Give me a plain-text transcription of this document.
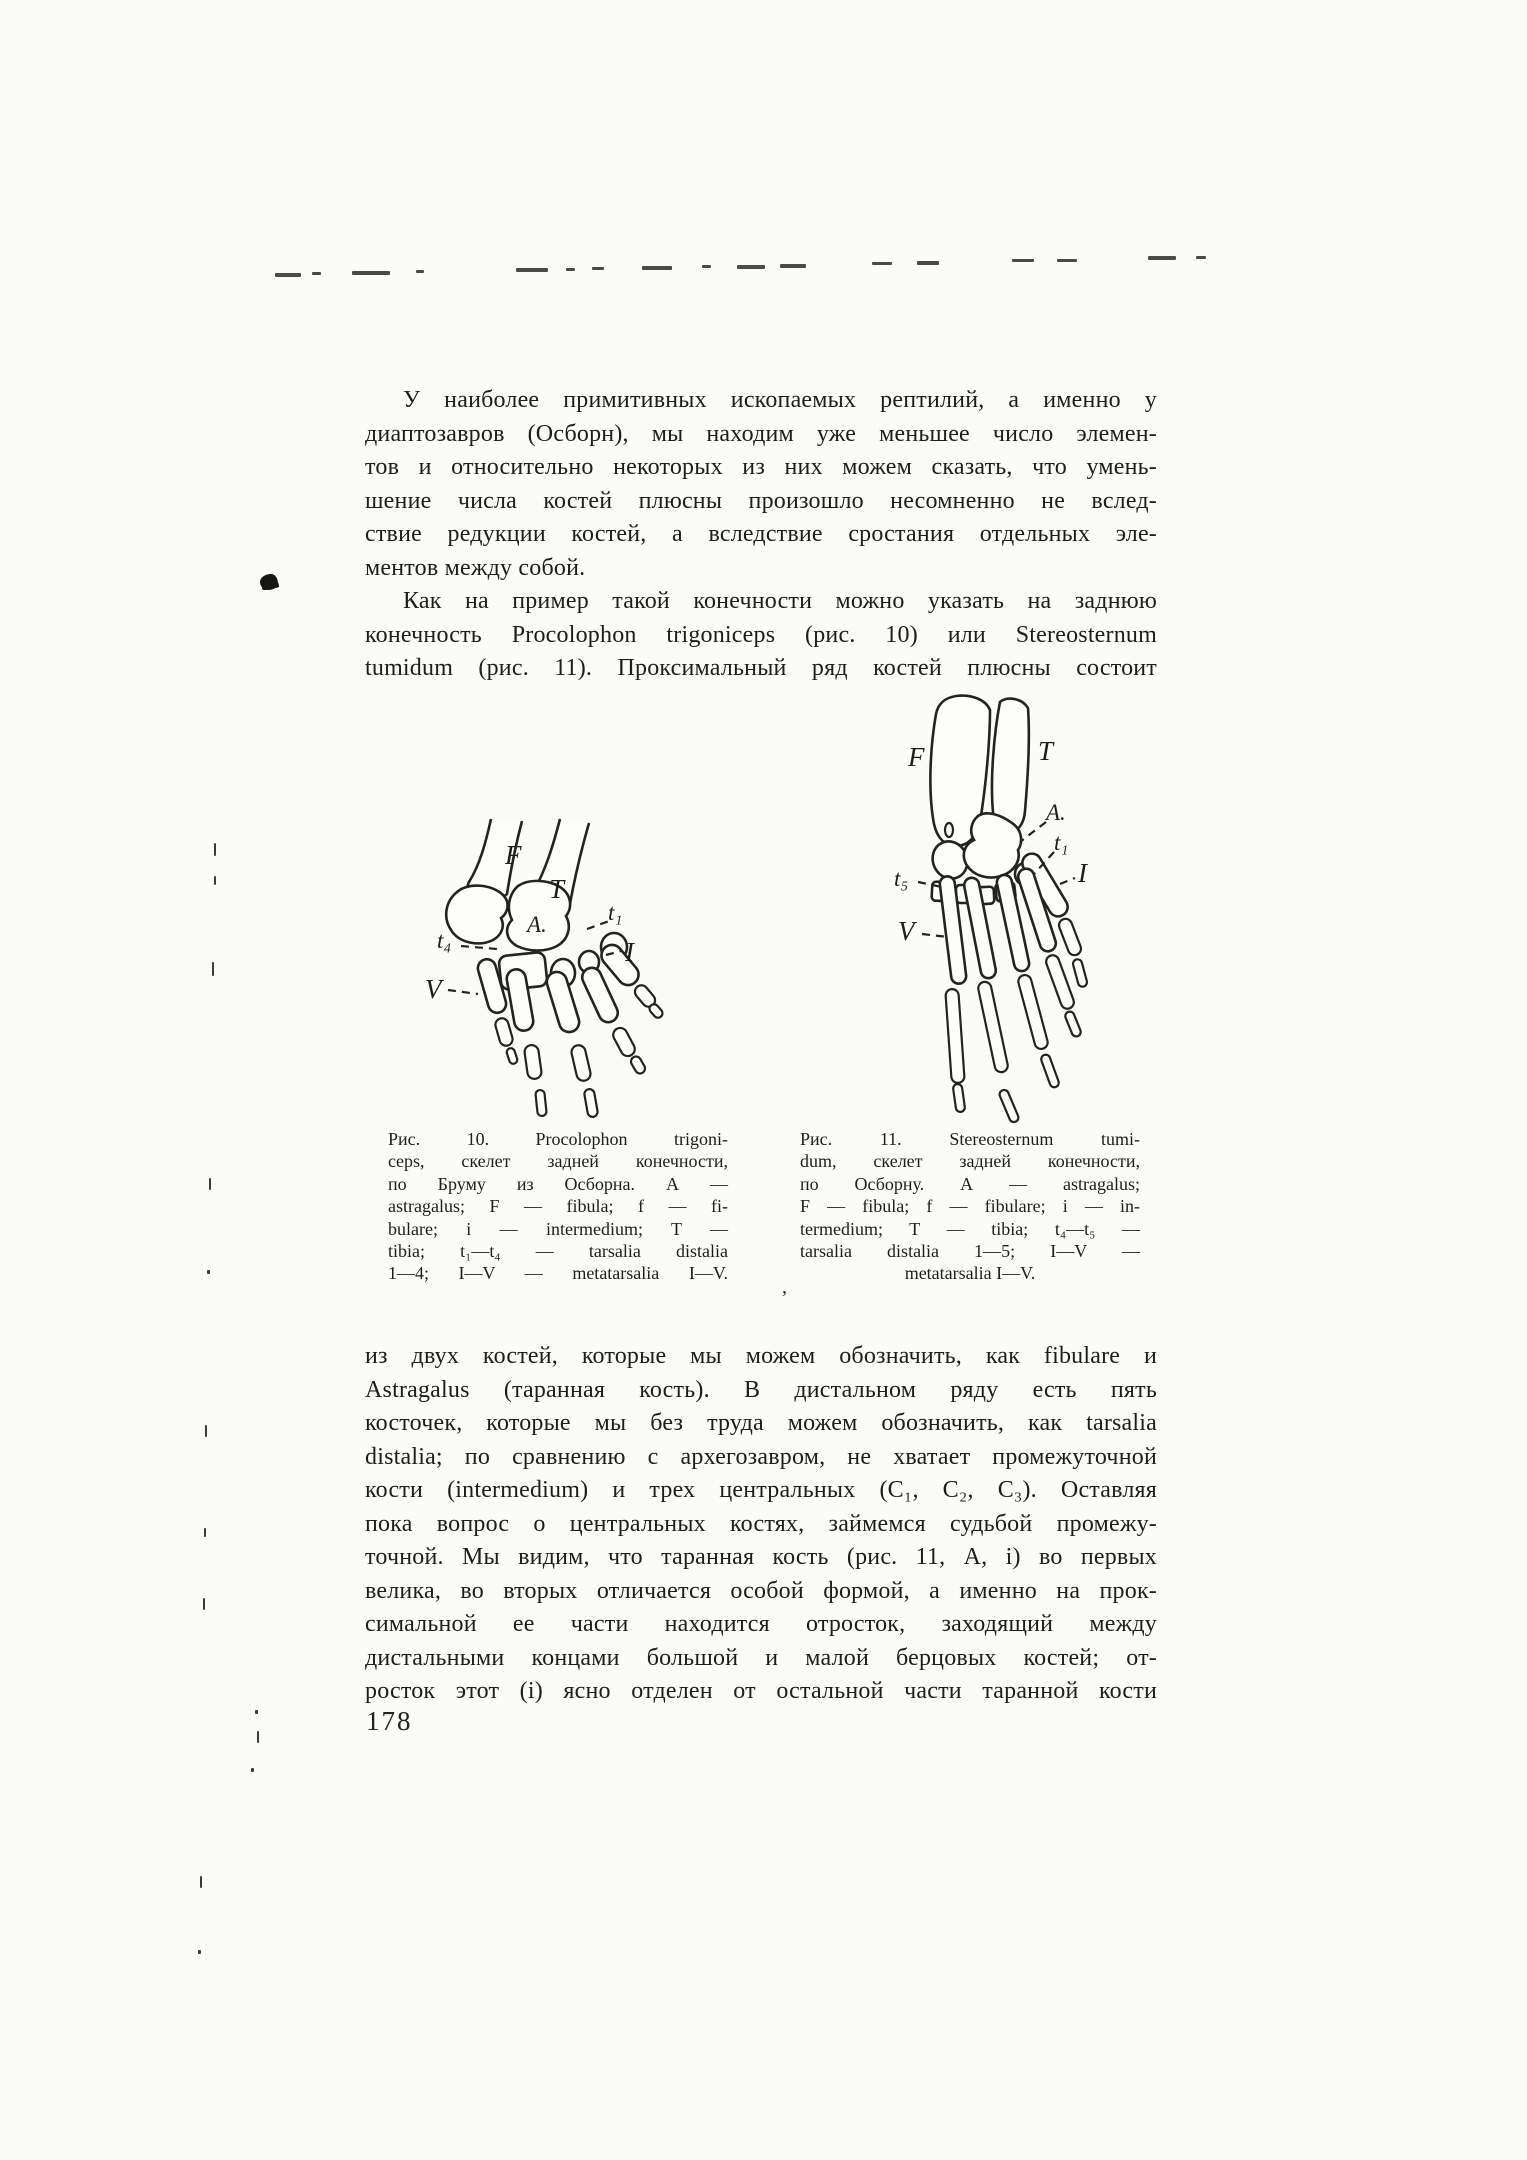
,
У наиболее примитивных ископаемых рептилий, а именно у
диаптозавров (Осборн), мы находим уже меньшее число элемен-
тов и относительно некоторых из них можем сказать, что умень-
шение числа костей плюсны произошло несомненно не вслед-
ствие редукции костей, а вследствие сростания отдельных эле-
ментов между собой.
Как на пример такой конечности можно указать на заднюю
конечность Procolophon trigoniceps (рис. 10) или Stereosternum
tumidum (рис. 11). Проксимальный ряд костей плюсны состоит
F
T
A.	t₁
I
t₄
V
F	T
A.
t₁
I
t₅
V
Рис. 10. Procolophon trigoni-
ceps, скелет задней конечности,
по Бруму из Осборна. А —
astragalus; F — fibula; f — fi-
bulare; i — intermedium; T —
tibia; t₁—t₄ — tarsalia distalia
1—4; I—V — metatarsalia I—V.
Рис. 11. Stereosternum tumi-
dum, скелет задней конечности,
по Осборну. А — astragalus;
F — fibula; f — fibulare; i — in-
termedium; T — tibia; t₄—t₅ —
tarsalia distalia 1—5; I—V —
metatarsalia I—V.
из двух костей, которые мы можем обозначить, как fibulare и
Astragalus (таранная кость). В дистальном ряду есть пять
косточек, которые мы без труда можем обозначить, как tarsalia
distalia; по сравнению с архегозавром, не хватает промежуточной
кости (intermedium) и трех центральных (C₁, C₂, C₃). Оставляя
пока вопрос о центральных костях, займемся судьбой промежу-
точной. Мы видим, что таранная кость (рис. 11, А, i) во первых
велика, во вторых отличается особой формой, а именно на прок-
симальной ее части находится отросток, заходящий между
дистальными концами большой и малой берцовых костей; от-
росток этот (i) ясно отделен от остальной части таранной кости
178
